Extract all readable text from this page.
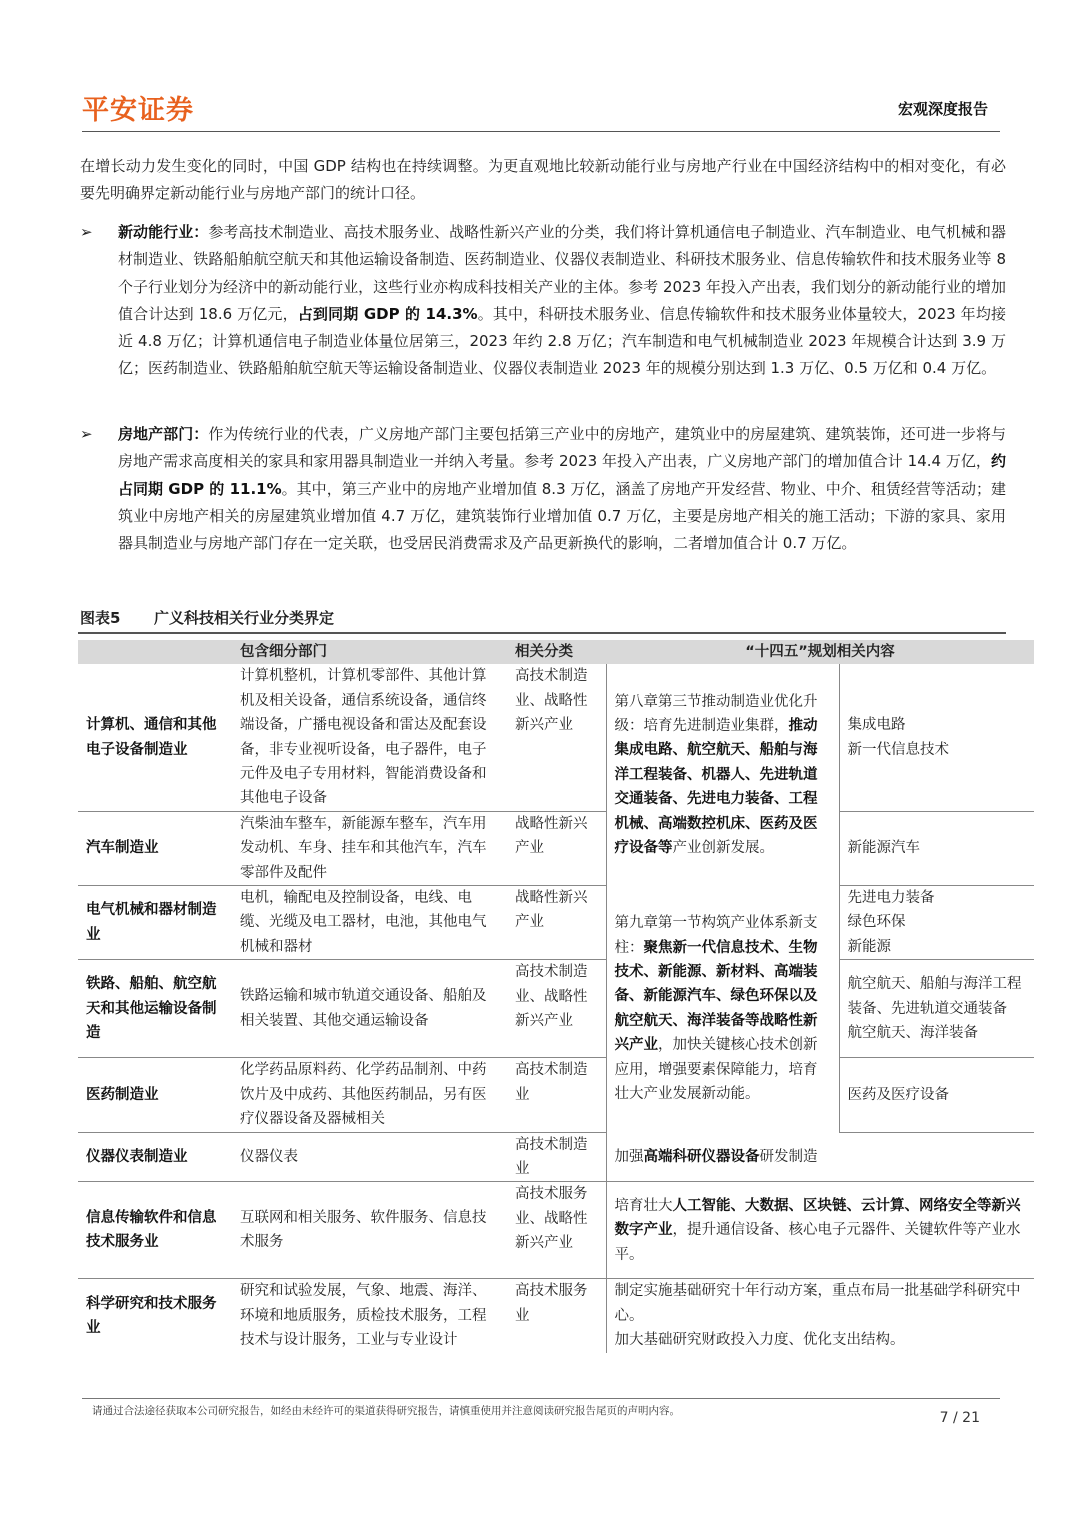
平安证券	宏观深度报告
在增长动力发生变化的同时，中国 GDP 结构也在持续调整。为更直观地比较新动能行业与房地产行业在中国经济结构中的相对变化，有必要先明确界定新动能行业与房地产部门的统计口径。
➢	新动能行业：参考高技术制造业、高技术服务业、战略性新兴产业的分类，我们将计算机通信电子制造业、汽车制造业、电气机械和器材制造业、铁路船舶航空航天和其他运输设备制造、医药制造业、仪器仪表制造业、科研技术服务业、信息传输软件和技术服务业等 8 个子行业划分为经济中的新动能行业，这些行业亦构成科技相关产业的主体。参考 2023 年投入产出表，我们划分的新动能行业的增加值合计达到 18.6 万亿元，占到同期 GDP 的 14.3%。其中，科研技术服务业、信息传输软件和技术服务业体量较大，2023 年均接近 4.8 万亿；计算机通信电子制造业体量位居第三，2023 年约 2.8 万亿；汽车制造和电气机械制造业 2023 年规模合计达到 3.9 万亿；医药制造业、铁路船舶航空航天等运输设备制造业、仪器仪表制造业 2023 年的规模分别达到 1.3 万亿、0.5 万亿和 0.4 万亿。
➢	房地产部门：作为传统行业的代表，广义房地产部门主要包括第三产业中的房地产，建筑业中的房屋建筑、建筑装饰，还可进一步将与房地产需求高度相关的家具和家用器具制造业一并纳入考量。参考 2023 年投入产出表，广义房地产部门的增加值合计 14.4 万亿，约占同期 GDP 的 11.1%。其中，第三产业中的房地产业增加值 8.3 万亿，涵盖了房地产开发经营、物业、中介、租赁经营等活动；建筑业中房地产相关的房屋建筑业增加值 4.7 万亿，建筑装饰行业增加值 0.7 万亿，主要是房地产相关的施工活动；下游的家具、家用器具制造业与房地产部门存在一定关联，也受居民消费需求及产品更新换代的影响，二者增加值合计 0.7 万亿。
图表5 广义科技相关行业分类界定
	包含细分部门	相关分类	“十四五”规划相关内容	
计算机、通信和其他电子设备制造业	计算机整机，计算机零部件、其他计算机及相关设备，通信系统设备，通信终端设备，广播电视设备和雷达及配套设备，非专业视听设备，电子器件，电子元件及电子专用材料，智能消费设备和其他电子设备	高技术制造业、战略性新兴产业	第八章第三节推动制造业优化升级：培育先进制造业集群，推动集成电路、航空航天、船舶与海洋工程装备、机器人、先进轨道交通装备、先进电力装备、工程机械、高端数控机床、医药及医疗设备等产业创新发展。	集成电路
新一代信息技术
汽车制造业	汽柴油车整车，新能源车整车，汽车用发动机、车身、挂车和其他汽车，汽车零部件及配件	战略性新兴产业		新能源汽车
电气机械和器材制造业	电机，输配电及控制设备，电线、电缆、光缆及电工器材，电池，其他电气机械和器材	战略性新兴产业	第九章第一节构筑产业体系新支柱：聚焦新一代信息技术、生物技术、新能源、新材料、高端装备、新能源汽车、绿色环保以及航空航天、海洋装备等战略性新兴产业，加快关键核心技术创新应用，增强要素保障能力，培育壮大产业发展新动能。	先进电力装备
绿色环保
新能源
铁路、船舶、航空航天和其他运输设备制造	铁路运输和城市轨道交通设备、船舶及相关装置、其他交通运输设备	高技术制造业、战略性新兴产业		航空航天、船舶与海洋工程装备、先进轨道交通装备
航空航天、海洋装备
医药制造业	化学药品原料药、化学药品制剂、中药饮片及中成药、其他医药制品，另有医疗仪器设备及器械相关	高技术制造业		医药及医疗设备
仪器仪表制造业	仪器仪表	高技术制造业	加强高端科研仪器设备研发制造	
信息传输软件和信息技术服务业	互联网和相关服务、软件服务、信息技术服务	高技术服务业、战略性新兴产业	培育壮大人工智能、大数据、区块链、云计算、网络安全等新兴数字产业，提升通信设备、核心电子元器件、关键软件等产业水平。	
科学研究和技术服务业	研究和试验发展，气象、地震、海洋、环境和地质服务，质检技术服务，工程技术与设计服务，工业与专业设计	高技术服务业	制定实施基础研究十年行动方案，重点布局一批基础学科研究中心。
加大基础研究财政投入力度、优化支出结构。	
请通过合法途径获取本公司研究报告，如经由未经许可的渠道获得研究报告，请慎重使用并注意阅读研究报告尾页的声明内容。	7 / 21
